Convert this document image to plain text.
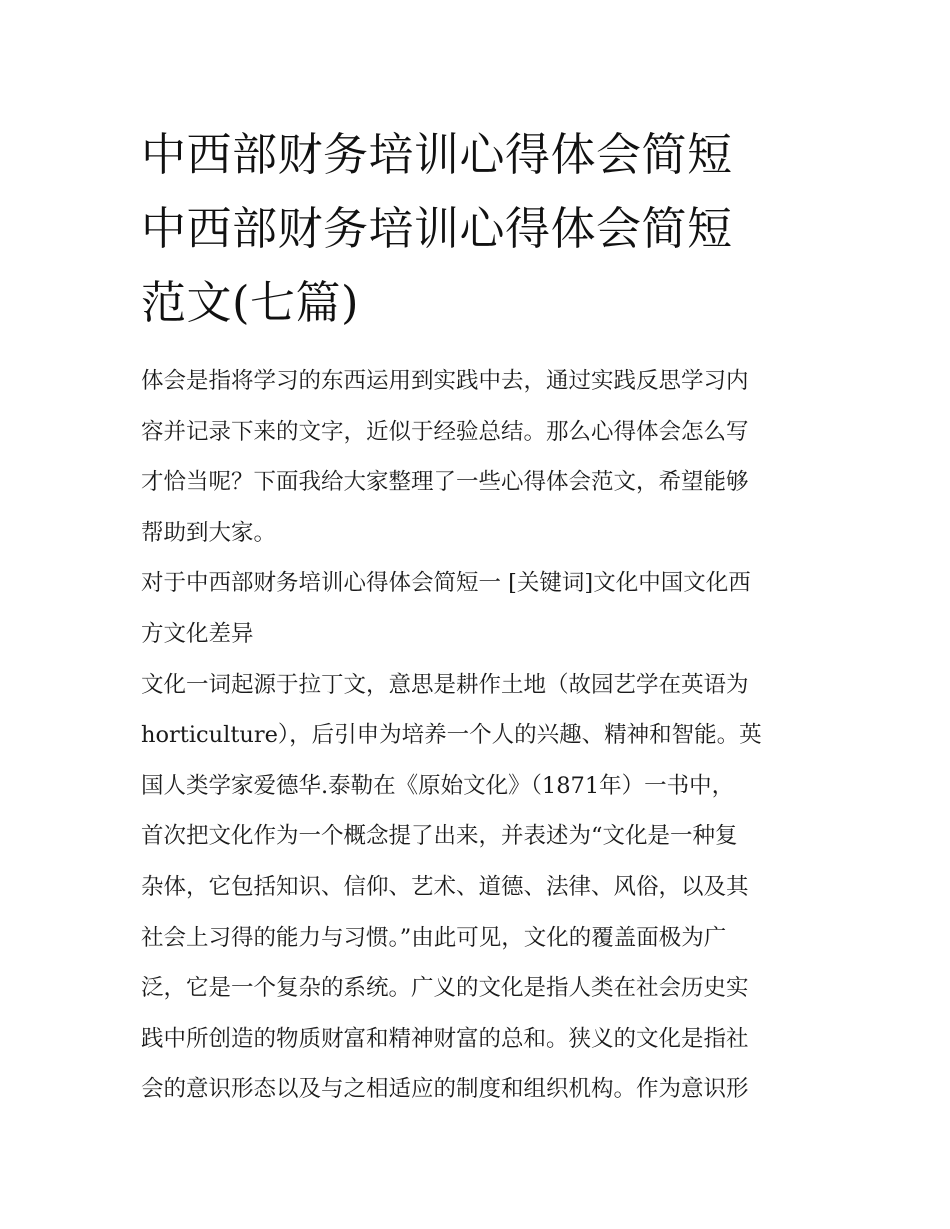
中西部财务培训心得体会简短
中西部财务培训心得体会简短
范文(七篇)
体会是指将学习的东西运用到实践中去，通过实践反思学习内
容并记录下来的文字，近似于经验总结。那么心得体会怎么写
才恰当呢？下面我给大家整理了一些心得体会范文，希望能够
帮助到大家。
对于中西部财务培训心得体会简短一 [关键词]文化中国文化西
方文化差异
文化一词起源于拉丁文，意思是耕作土地（故园艺学在英语为
horticulture），后引申为培养一个人的兴趣、精神和智能。英
国人类学家爱德华.泰勒在《原始文化》（1871年）一书中，
首次把文化作为一个概念提了出来，并表述为“文化是一种复
杂体，它包括知识、信仰、艺术、道德、法律、风俗，以及其
社会上习得的能力与习惯。”由此可见，文化的覆盖面极为广
泛，它是一个复杂的系统。广义的文化是指人类在社会历史实
践中所创造的物质财富和精神财富的总和。狭义的文化是指社
会的意识形态以及与之相适应的制度和组织机构。作为意识形
